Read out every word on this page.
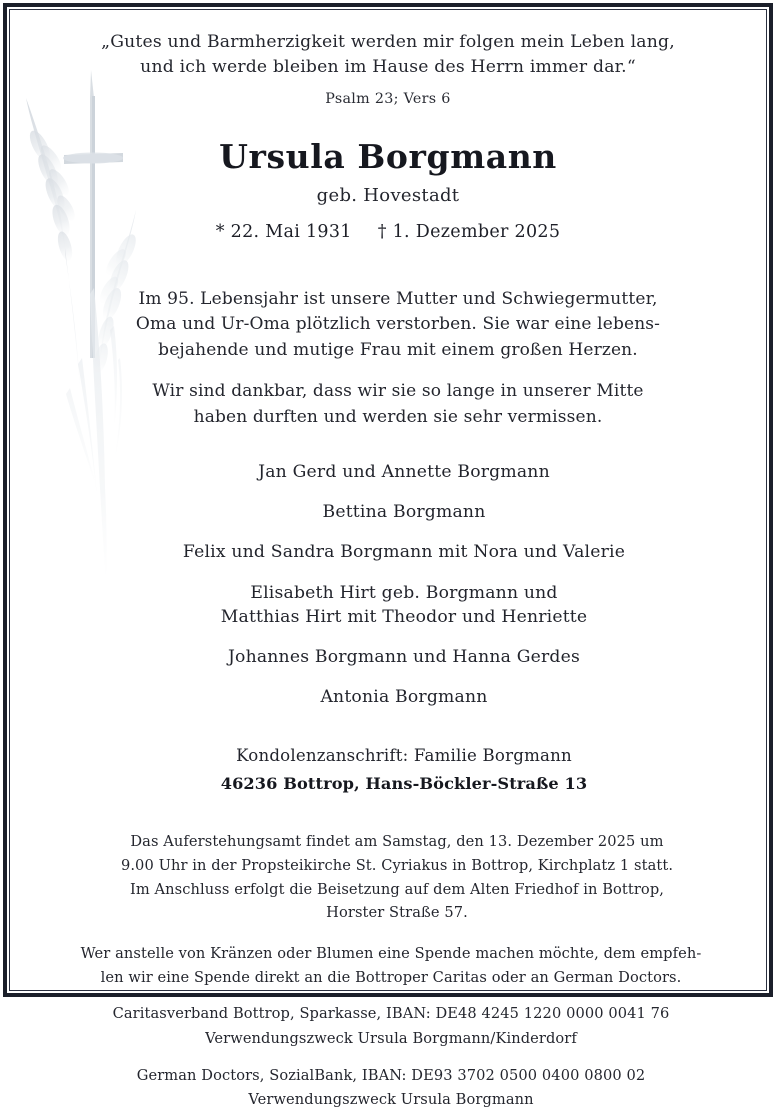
„Gutes und Barmherzigkeit werden mir folgen mein Leben lang,
und ich werde bleiben im Hause des Herrn immer dar.“
Psalm 23; Vers 6
Ursula Borgmann
geb. Hovestadt
* 22. Mai 1931 † 1. Dezember 2025

Im 95. Lebensjahr ist unsere Mutter und Schwiegermutter,
Oma und Ur-Oma plötzlich verstorben. Sie war eine lebens-
bejahende und mutige Frau mit einem großen Herzen.

Wir sind dankbar, dass wir sie so lange in unserer Mitte
haben durften und werden sie sehr vermissen.

Jan Gerd und Annette Borgmann
Bettina Borgmann
Felix und Sandra Borgmann mit Nora und Valerie
Elisabeth Hirt geb. Borgmann und
Matthias Hirt mit Theodor und Henriette
Johannes Borgmann und Hanna Gerdes
Antonia Borgmann
Kondolenzanschrift: Familie Borgmann
46236 Bottrop, Hans-Böckler-Straße 13

Das Auferstehungsamt findet am Samstag, den 13. Dezember 2025 um

9.00 Uhr in der Propsteikirche St. Cyriakus in Bottrop, Kirchplatz 1 statt.

Im Anschluss erfolgt die Beisetzung auf dem Alten Friedhof in Bottrop,

Horster Straße 57.

Wer anstelle von Kränzen oder Blumen eine Spende machen möchte, dem empfeh-

len wir eine Spende direkt an die Bottroper Caritas oder an German Doctors.

Caritasverband Bottrop, Sparkasse, IBAN: DE48 4245 1220 0000 0041 76

Verwendungszweck Ursula Borgmann/Kinderdorf

German Doctors, SozialBank, IBAN: DE93 3702 0500 0400 0800 02

Verwendungszweck Ursula Borgmann
